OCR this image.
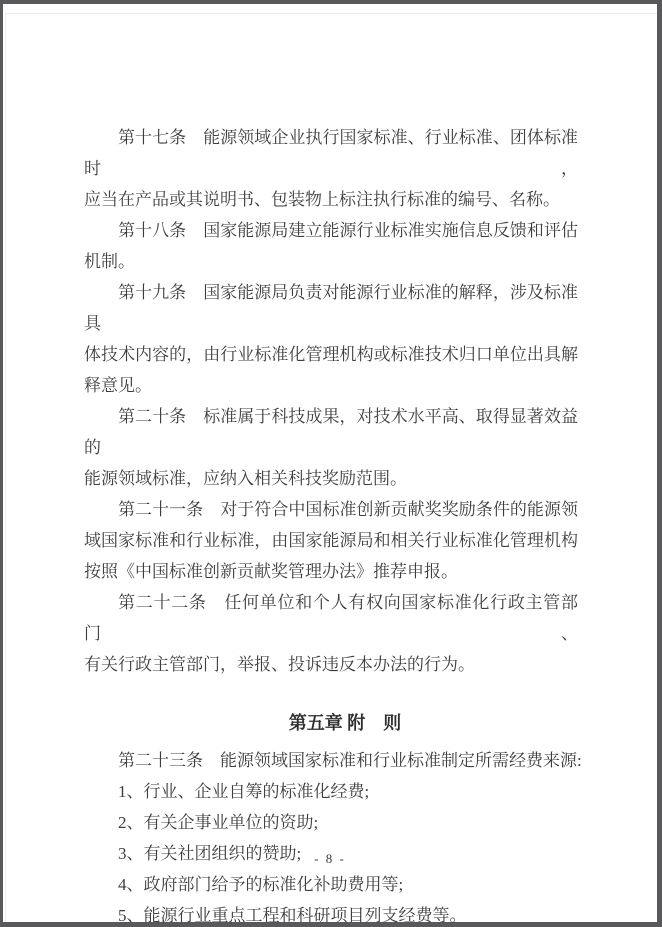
第十七条　能源领域企业执行国家标准、行业标准、团体标准时，
应当在产品或其说明书、包装物上标注执行标准的编号、名称。
第十八条　国家能源局建立能源行业标准实施信息反馈和评估
机制。
第十九条　国家能源局负责对能源行业标准的解释，涉及标准具
体技术内容的，由行业标准化管理机构或标准技术归口单位出具解
释意见。
第二十条　标准属于科技成果，对技术水平高、取得显著效益的
能源领域标准，应纳入相关科技奖励范围。
第二十一条　对于符合中国标准创新贡献奖奖励条件的能源领
域国家标准和行业标准，由国家能源局和相关行业标准化管理机构
按照《中国标准创新贡献奖管理办法》推荐申报。
第二十二条　任何单位和个人有权向国家标准化行政主管部门、
有关行政主管部门，举报、投诉违反本办法的行为。
第五章 附　则
第二十三条　能源领域国家标准和行业标准制定所需经费来源:
1、行业、企业自筹的标准化经费;
2、有关企事业单位的资助;
3、有关社团组织的赞助;
4、政府部门给予的标准化补助费用等;
5、能源行业重点工程和科研项目列支经费等。
- 8 -
